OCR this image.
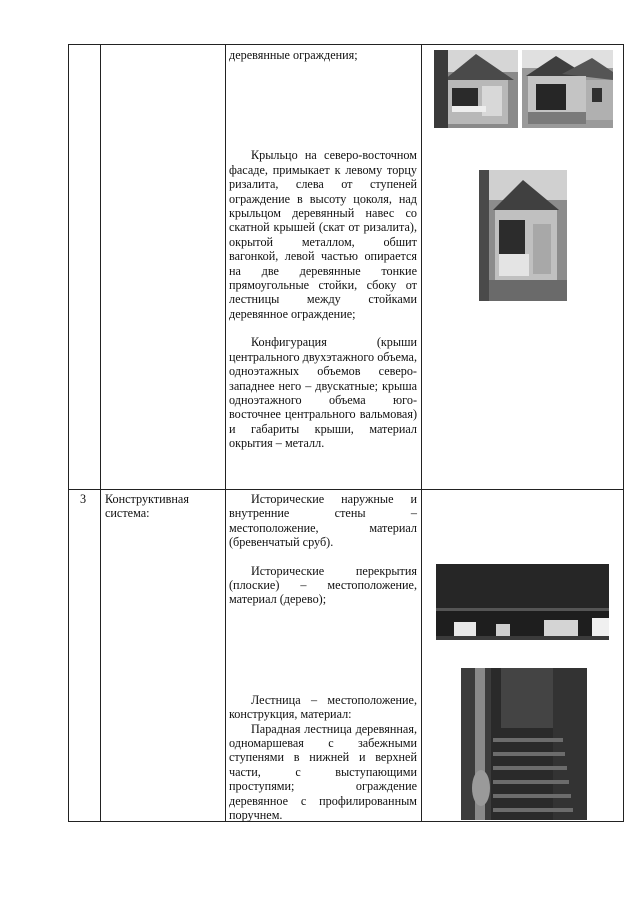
деревянные ограждения;

Крыльцо на северо-восточном фасаде, примыкает к левому торцу ризалита, слева от ступеней ограждение в высоту цоколя, над крыльцом деревянный навес со скатной крышей (скат от ризалита), окрытой металлом, обшит вагонкой, левой частью опирается на две деревянные тонкие прямоугольные стойки, сбоку от лестницы между стойками деревянное ограждение;

Конфигурация (крыши центрального двухэтажного объема, одноэтажных объемов северо-западнее него – двускатные; крыша одноэтажного объема юго-восточнее центрального вальмовая) и габариты крыши, материал окрытия – металл.

3 Конструктивная система:

Исторические наружные и внутренние стены – местоположение, материал (бревенчатый сруб).

Исторические перекрытия (плоские) – местоположение, материал (дерево);

Лестница – местоположение, конструкция, материал:

Парадная лестница деревянная, одномаршевая с забежными ступенями в нижней и верхней части, с выступающими проступями; ограждение деревянное с профилированным поручнем.
